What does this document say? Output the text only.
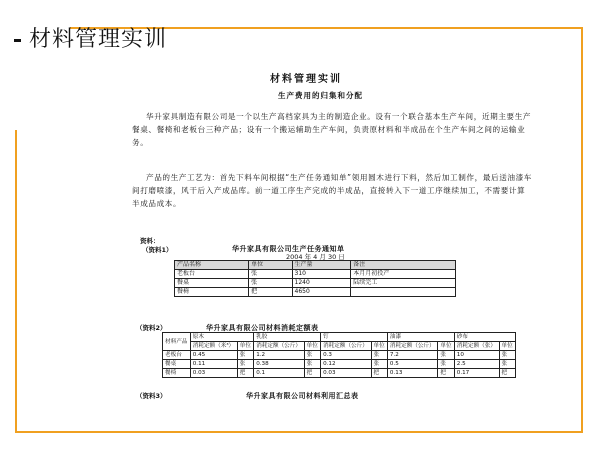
材料管理实训
材料管理实训
生产费用的归集和分配
华升家具制造有限公司是一个以生产高档家具为主的制造企业。设有一个联合基本生产车间，近期主要生产餐桌、餐椅和老板台三种产品；设有一个搬运辅助生产车间，负责原材料和半成品在个生产车间之间的运输业务。
产品的生产工艺为：首先下料车间根据“生产任务通知单”领用圆木进行下料，然后加工制作，最后送油漆车间打磨喷漆，风干后入产成品库。前一道工序生产完成的半成品，直接转入下一道工序继续加工，不需要计算半成品成本。
资料：
（资料1）	华升家具有限公司生产任务通知单
2004 年 4 月 30 日
产品名称	单位	生产量	备注
老板台	张	310	本月月初投产
餐桌	张	1240	陆续完工
餐椅	把	4650	
（资料2）	华升家具有限公司材料消耗定额表
材料产品	原木		乳胶		钉		油漆		砂布	
	消耗定额（米³）	单位	消耗定额（公斤）	单位	消耗定额（公斤）	单位	消耗定额（公斤）	单位	消耗定额（张）	单位
老板台	0.45	张	1.2	张	0.3	张	7.2	张	10	张
餐桌	0.11	张	0.38	张	0.12	张	0.5	张	2.5	张
餐椅	0.03	把	0.1	把	0.03	把	0.13	把	0.17	把
（资料3）	华升家具有限公司材料利用汇总表
